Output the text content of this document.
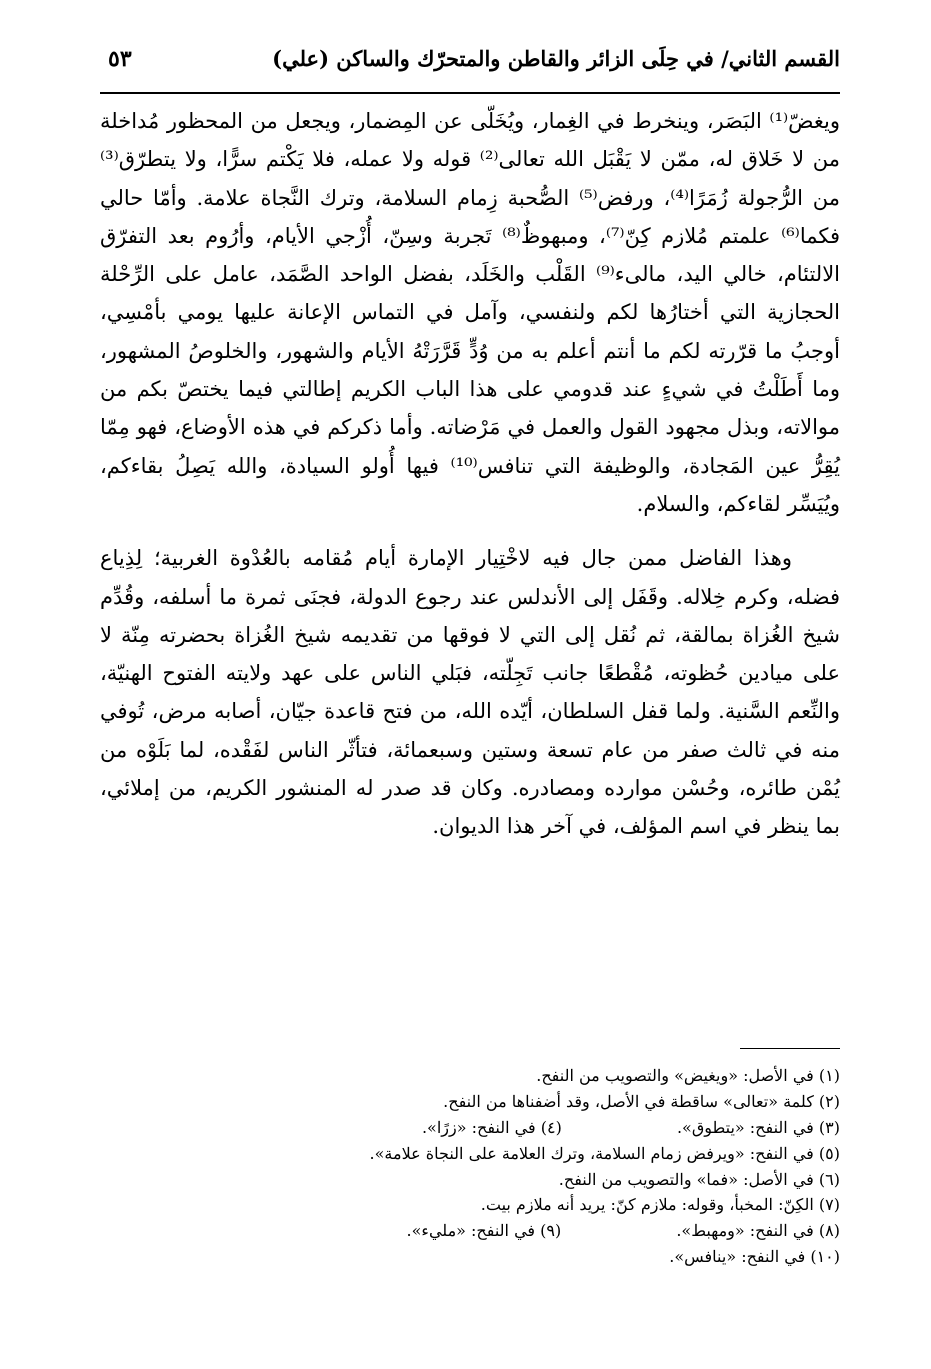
القسم الثاني/ في حِلَى الزائر والقاطن والمتحرّك والساكن (علي)
٥٣

ويغضّ⁽¹⁾ البَصَر، وينخرط في الغِمار، ويُخَلّى عن المِضمار، ويجعل من المحظور مُداخلة من لا خَلاق له، ممّن لا يَقْبَل الله تعالى⁽²⁾ قوله ولا عمله، فلا يَكْتم سرًّا، ولا يتطرّق⁽³⁾ من الرُّجولة زُمَرًا⁽⁴⁾، ورفض⁽⁵⁾ الصُّحبة زِمام السلامة، وترك النَّجاة علامة. وأمّا حالي فكما⁽⁶⁾ علمتم مُلازم كِنّ⁽⁷⁾، ومبهوظٌ⁽⁸⁾ تَجربة وسِنّ، أُزْجي الأيام، وأرُوم بعد التفرّق الالتئام، خالي اليد، مالىء⁽⁹⁾ القَلْب والخَلَد، بفضل الواحد الصَّمَد، عامل على الرِّحْلة الحجازية التي أختارُها لكم ولنفسي، وآمل في التماس الإعانة عليها يومي بأمْسِي، أوجبُ ما قرّرته لكم ما أنتم أعلم به من وُدٍّ قَرَّرَتْهُ الأيام والشهور، والخلوصُ المشهور، وما أَطَلْتُ في شيءٍ عند قدومي على هذا الباب الكريم إطالتي فيما يختصّ بكم من موالاته، وبذل مجهود القول والعمل في مَرْضاته. وأما ذكركم في هذه الأوضاع، فهو مِمّا يُقِرُّ عين المَجادة، والوظيفة التي تنافس⁽¹⁰⁾ فيها أُولو السيادة، والله يَصِلُ بقاءكم، ويُيَسِّر لقاءكم، والسلام.

وهذا الفاضل ممن جال فيه لاخْتِيار الإمارة أيام مُقامه بالعُدْوة الغربية؛ لِذِياع فضله، وكرم خِلاله. وقَفَل إلى الأندلس عند رجوع الدولة، فجنَى ثمرة ما أسلفه، وقُدِّم شيخ الغُزاة بمالقة، ثم نُقل إلى التي لا فوقها من تقديمه شيخ الغُزاة بحضرته مِنّة لا على ميادين حُظوته، مُقْطعًا جانب تَجِلّته، فبَلي الناس على عهد ولايته الفتوح الهنيّة، والنِّعم السَّنية. ولما قفل السلطان، أيّده الله، من فتح قاعدة جيّان، أصابه مرض، تُوفي منه في ثالث صفر من عام تسعة وستين وسبعمائة، فتأثّر الناس لفَقْده، لما بَلَوْه من يُمْن طائره، وحُسْن موارده ومصادره. وكان قد صدر له المنشور الكريم، من إملائي، بما ينظر في اسم المؤلف، في آخر هذا الديوان.

(١) في الأصل: «ويغيض» والتصويب من النفح.
(٢) كلمة «تعالى» ساقطة في الأصل، وقد أضفناها من النفح.
(٣) في النفح: «يتطوق». (٤) في النفح: «زرًا».
(٥) في النفح: «ويرفض زمام السلامة، وترك العلامة على النجاة علامة».
(٦) في الأصل: «فما» والتصويب من النفح.
(٧) الكِنّ: المخبأ، وقوله: ملازم كنّ: يريد أنه ملازم بيت.
(٨) في النفح: «ومهبط». (٩) في النفح: «مليء».
(١٠) في النفح: «ينافس».
